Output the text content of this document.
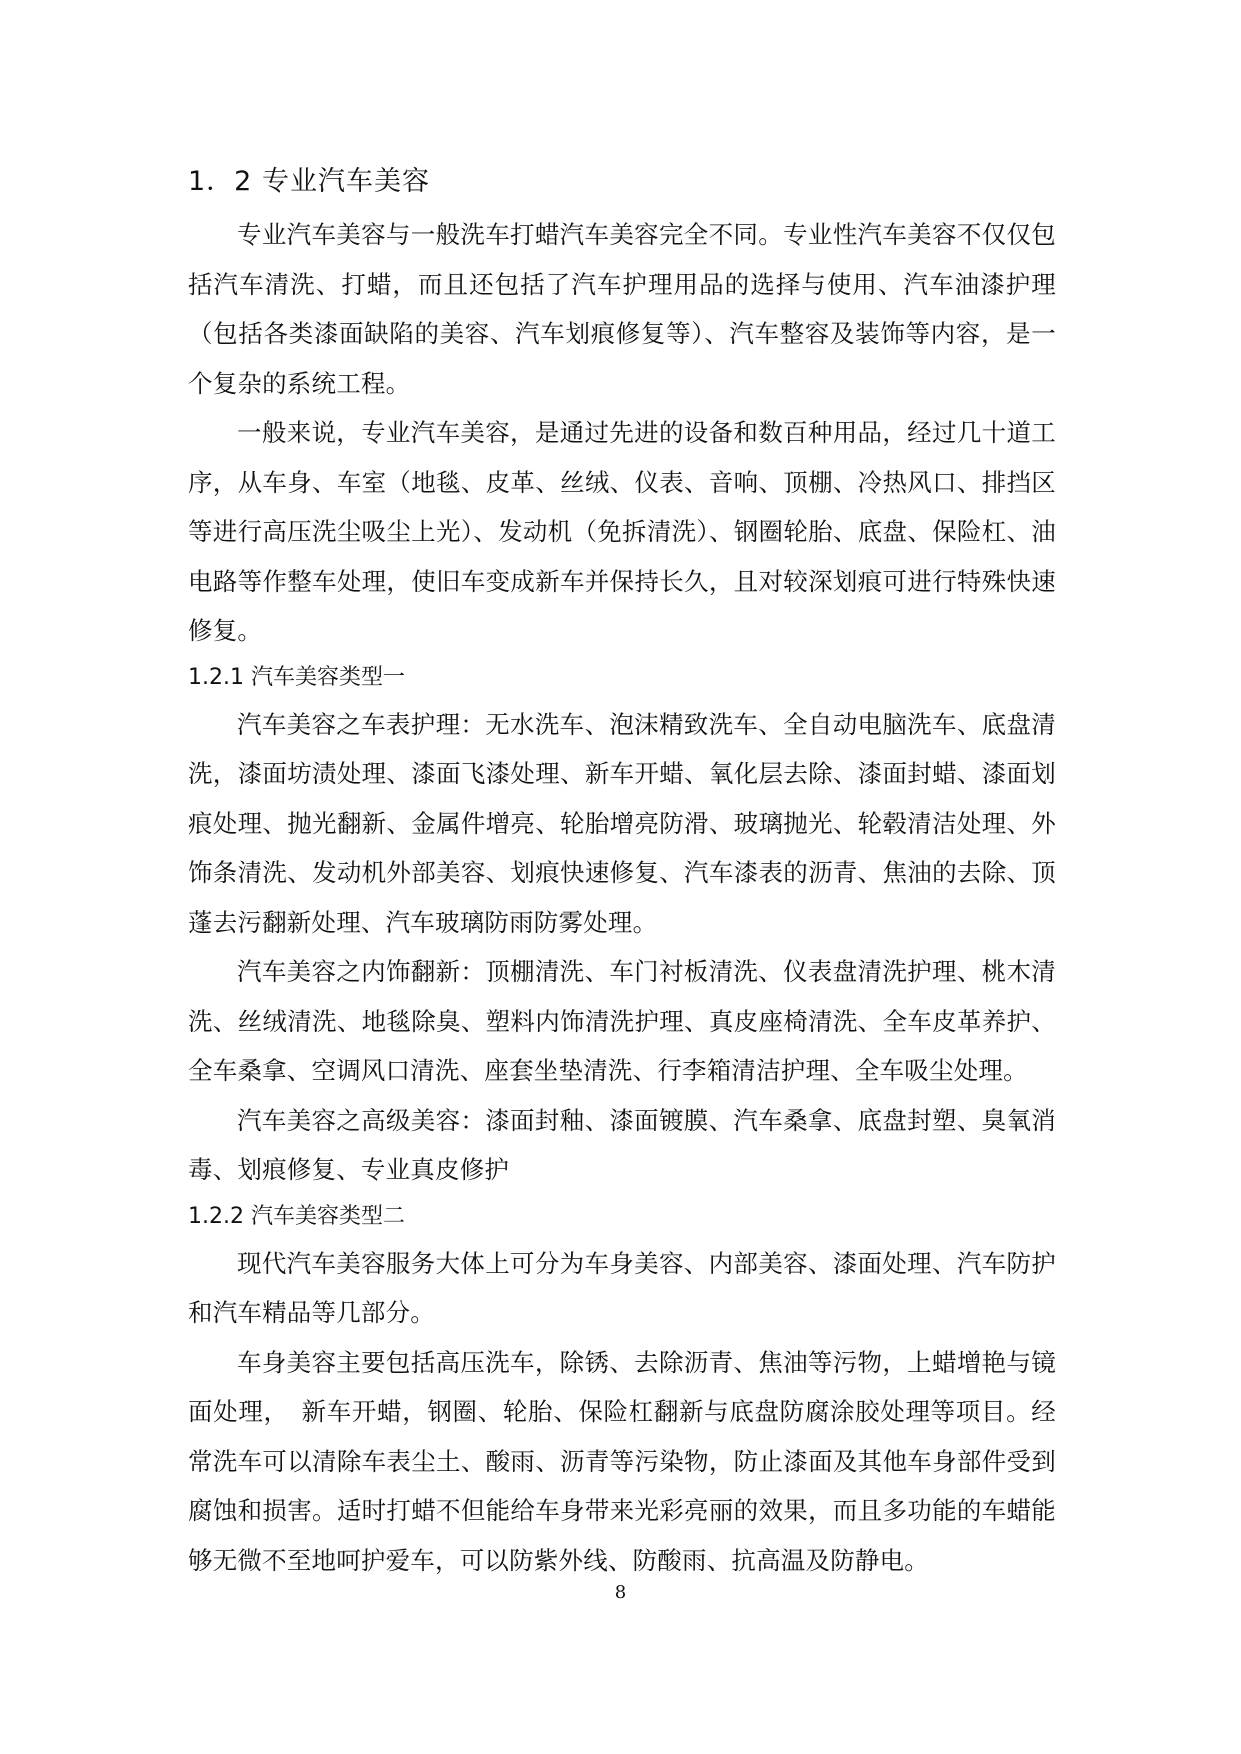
1．2 专业汽车美容

专业汽车美容与一般洗车打蜡汽车美容完全不同。专业性汽车美容不仅仅包括汽车清洗、打蜡，而且还包括了汽车护理用品的选择与使用、汽车油漆护理（包括各类漆面缺陷的美容、汽车划痕修复等）、汽车整容及装饰等内容，是一个复杂的系统工程。

一般来说，专业汽车美容，是通过先进的设备和数百种用品，经过几十道工序，从车身、车室（地毯、皮革、丝绒、仪表、音响、顶棚、冷热风口、排挡区等进行高压洗尘吸尘上光）、发动机（免拆清洗）、钢圈轮胎、底盘、保险杠、油电路等作整车处理，使旧车变成新车并保持长久，且对较深划痕可进行特殊快速修复。

1.2.1 汽车美容类型一

汽车美容之车表护理：无水洗车、泡沫精致洗车、全自动电脑洗车、底盘清洗，漆面坊渍处理、漆面飞漆处理、新车开蜡、氧化层去除、漆面封蜡、漆面划痕处理、抛光翻新、金属件增亮、轮胎增亮防滑、玻璃抛光、轮毂清洁处理、外饰条清洗、发动机外部美容、划痕快速修复、汽车漆表的沥青、焦油的去除、顶蓬去污翻新处理、汽车玻璃防雨防雾处理。

汽车美容之内饰翻新：顶棚清洗、车门衬板清洗、仪表盘清洗护理、桃木清洗、丝绒清洗、地毯除臭、塑料内饰清洗护理、真皮座椅清洗、全车皮革养护、全车桑拿、空调风口清洗、座套坐垫清洗、行李箱清洁护理、全车吸尘处理。

汽车美容之高级美容：漆面封釉、漆面镀膜、汽车桑拿、底盘封塑、臭氧消毒、划痕修复、专业真皮修护

1.2.2 汽车美容类型二

现代汽车美容服务大体上可分为车身美容、内部美容、漆面处理、汽车防护和汽车精品等几部分。

车身美容主要包括高压洗车，除锈、去除沥青、焦油等污物，上蜡增艳与镜面处理，　新车开蜡，钢圈、轮胎、保险杠翻新与底盘防腐涂胶处理等项目。经常洗车可以清除车表尘土、酸雨、沥青等污染物，防止漆面及其他车身部件受到腐蚀和损害。适时打蜡不但能给车身带来光彩亮丽的效果，而且多功能的车蜡能够无微不至地呵护爱车，可以防紫外线、防酸雨、抗高温及防静电。

8
